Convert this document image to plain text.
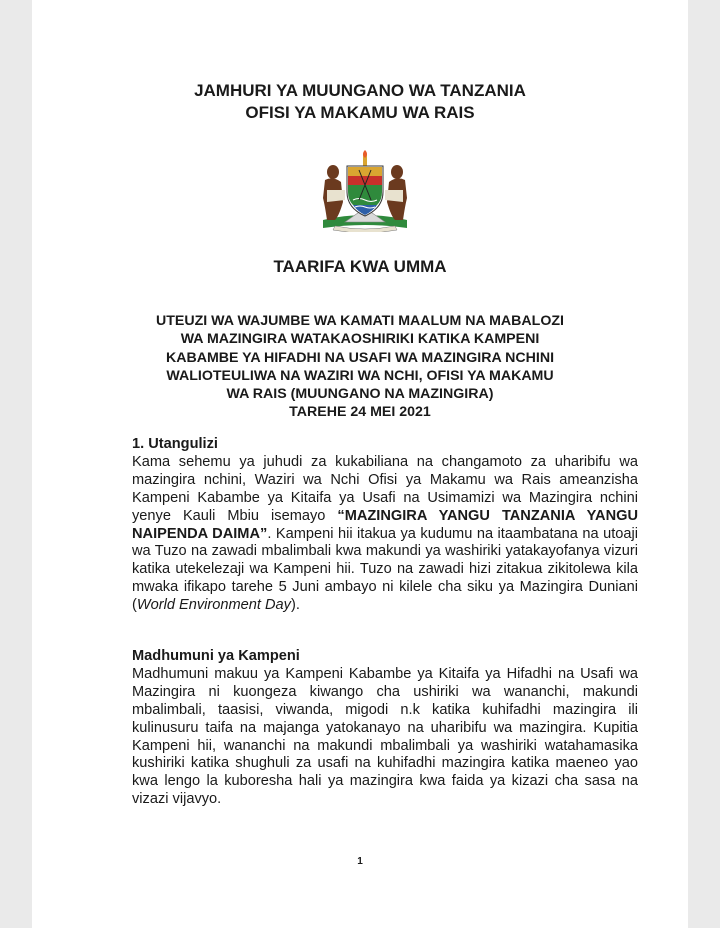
JAMHURI YA MUUNGANO WA TANZANIA
OFISI YA MAKAMU WA RAIS
TAARIFA KWA UMMA
UTEUZI WA WAJUMBE WA KAMATI MAALUM NA MABALOZI
WA MAZINGIRA WATAKAOSHIRIKI KATIKA KAMPENI
KABAMBE YA HIFADHI NA USAFI WA MAZINGIRA NCHINI
WALIOTEULIWA NA WAZIRI WA NCHI, OFISI YA MAKAMU
WA RAIS (MUUNGANO NA MAZINGIRA)
TAREHE 24 MEI 2021
1. Utangulizi
Kama sehemu ya juhudi za kukabiliana na changamoto za uharibifu wa mazingira nchini, Waziri wa Nchi Ofisi ya Makamu wa Rais ameanzisha Kampeni Kabambe ya Kitaifa ya Usafi na Usimamizi wa Mazingira nchini yenye Kauli Mbiu isemayo “MAZINGIRA YANGU TANZANIA YANGU NAIPENDA DAIMA”. Kampeni hii itakua ya kudumu na itaambatana na utoaji wa Tuzo na zawadi mbalimbali kwa makundi ya washiriki yatakayofanya vizuri katika utekelezaji wa Kampeni hii. Tuzo na zawadi hizi zitakua zikitolewa kila mwaka ifikapo tarehe 5 Juni ambayo ni kilele cha siku ya Mazingira Duniani (World Environment Day).
Madhumuni ya Kampeni
Madhumuni makuu ya Kampeni Kabambe ya Kitaifa ya Hifadhi na Usafi wa Mazingira ni kuongeza kiwango cha ushiriki wa wananchi, makundi mbalimbali, taasisi, viwanda, migodi n.k katika kuhifadhi mazingira ili kulinusuru taifa na majanga yatokanayo na uharibifu wa mazingira. Kupitia Kampeni hii, wananchi na makundi mbalimbali ya washiriki watahamasika kushiriki katika shughuli za usafi na kuhifadhi mazingira katika maeneo yao kwa lengo la kuboresha hali ya mazingira kwa faida ya kizazi cha sasa na vizazi vijavyo.
1
